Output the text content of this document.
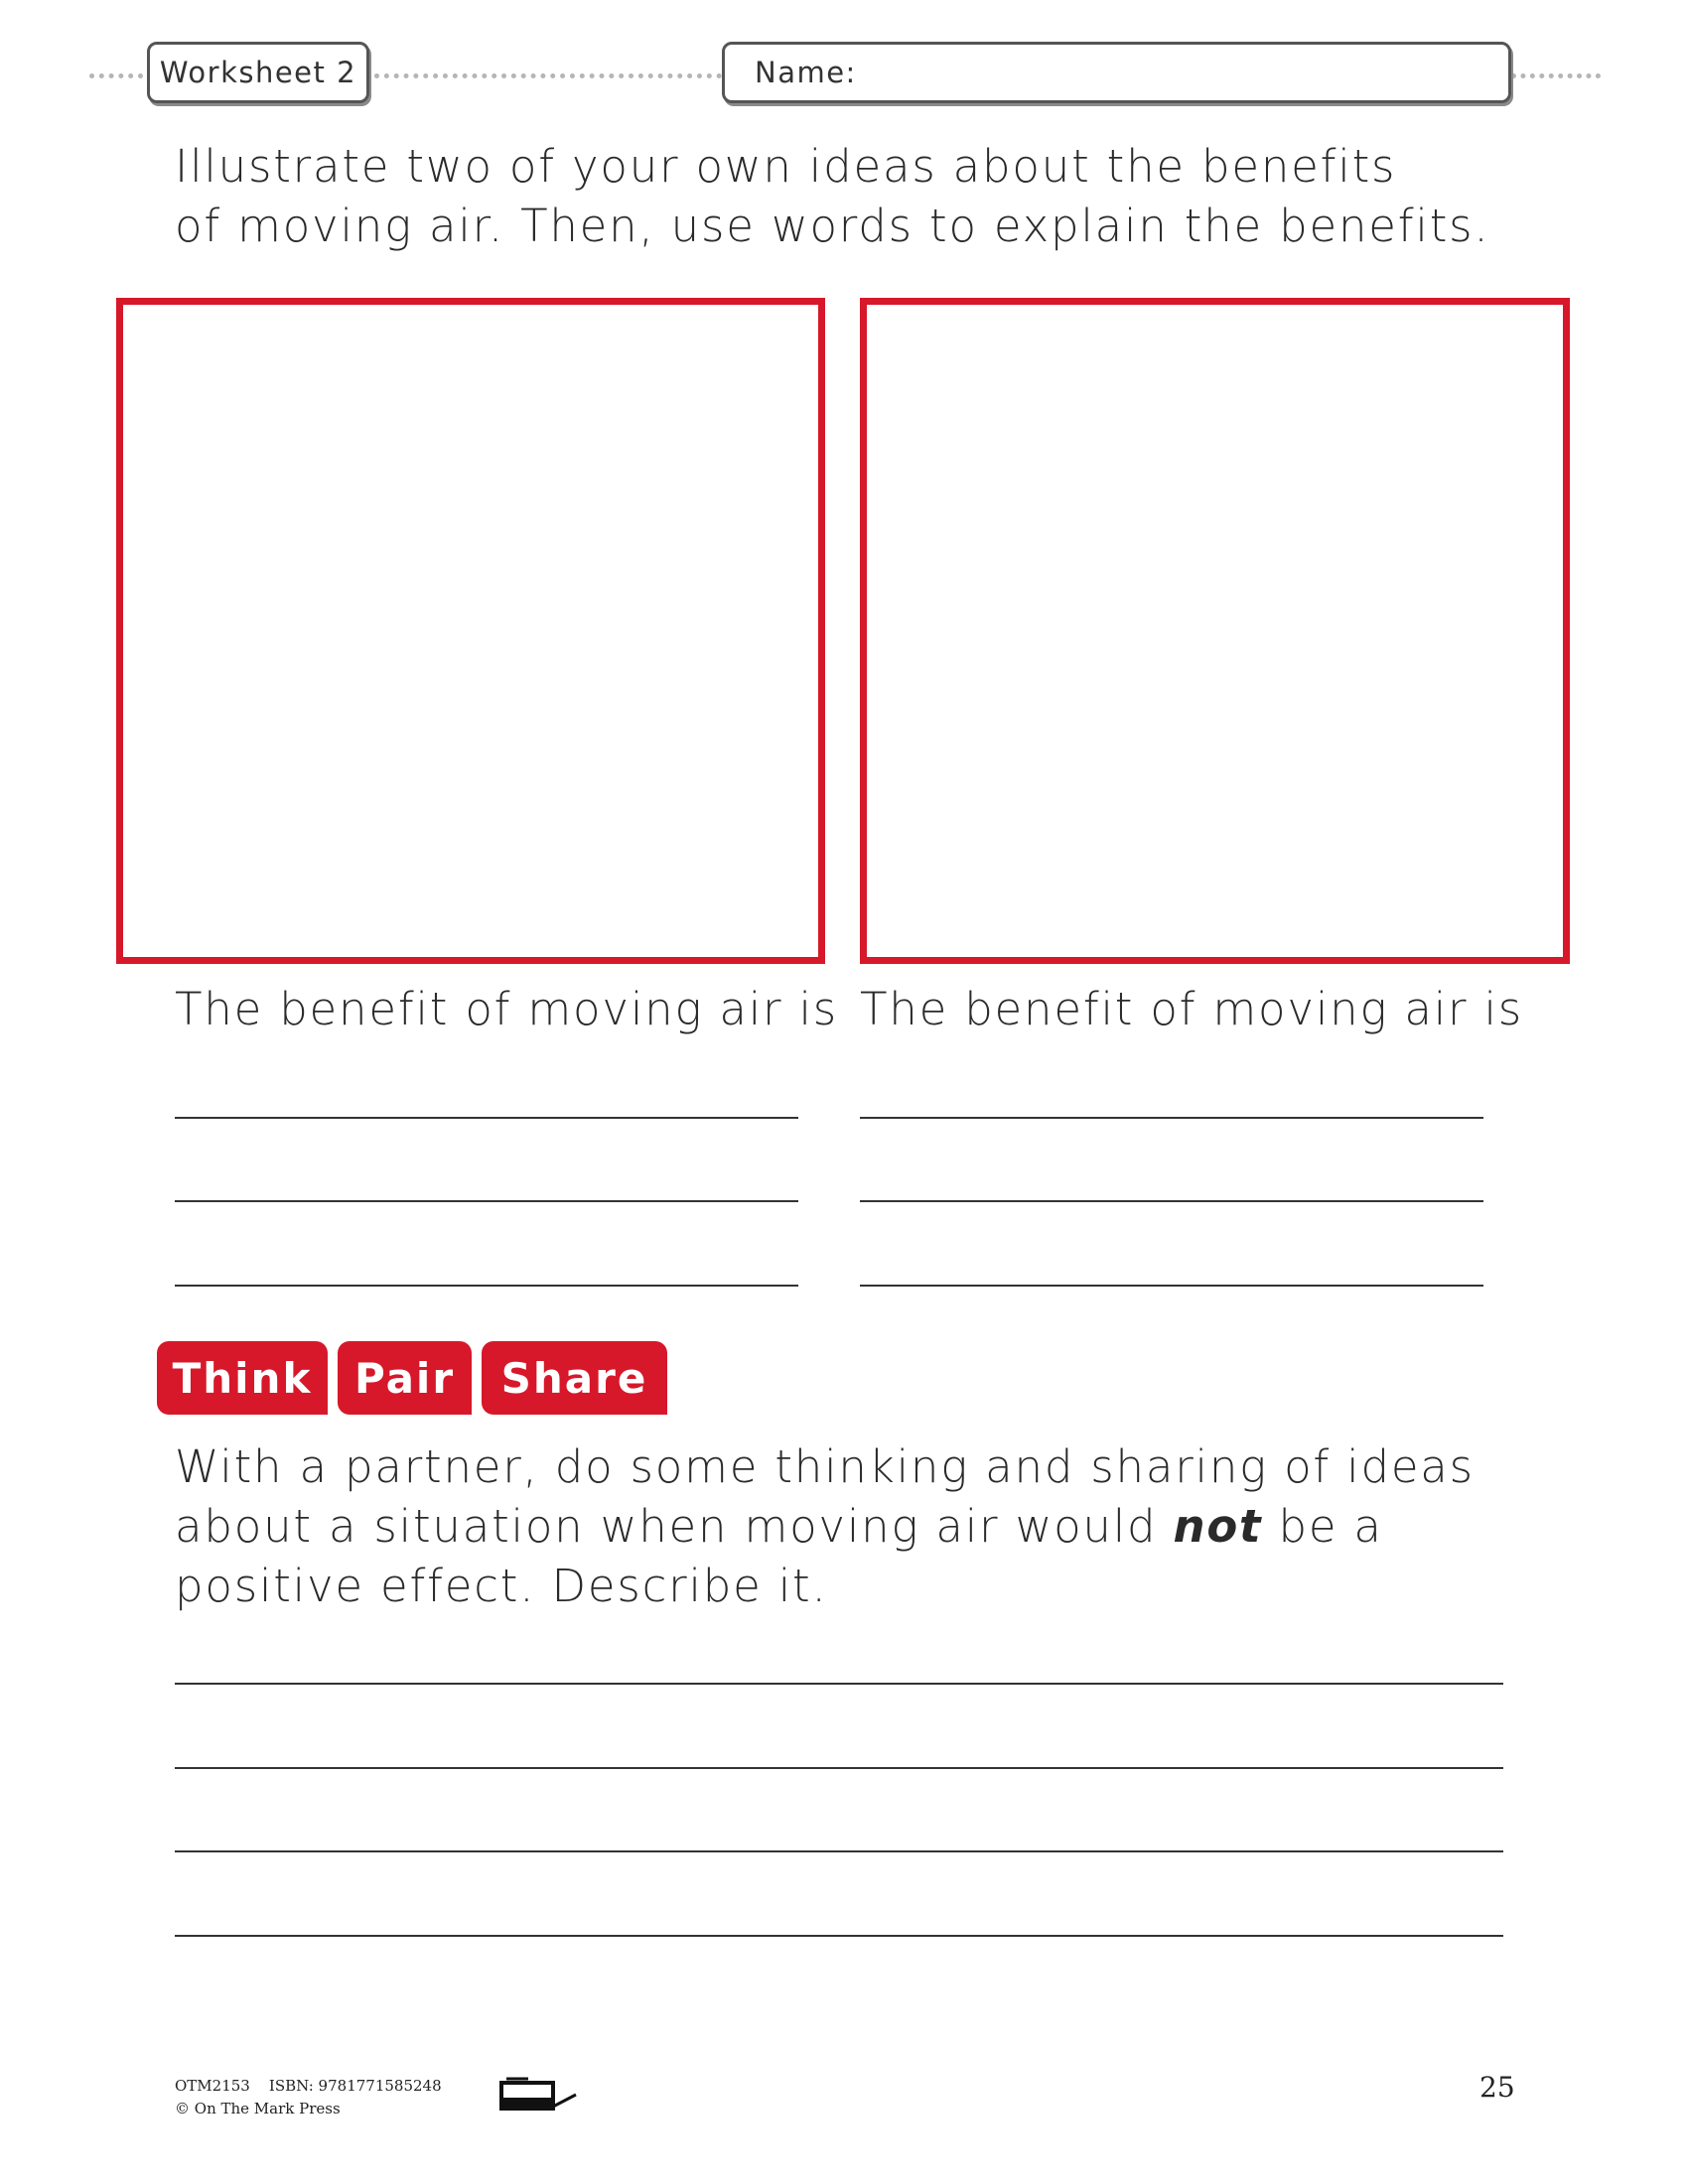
Worksheet 2	Name:

Illustrate two of your own ideas about the benefits
of moving air. Then, use words to explain the benefits.

The benefit of moving air is The benefit of moving air is
Think Pair Share

With a partner, do some thinking and sharing of ideas
about a situation when moving air would not be a
positive effect. Describe it.

OTM2153 ISBN: 9781771585248
© On The Mark Press
25
